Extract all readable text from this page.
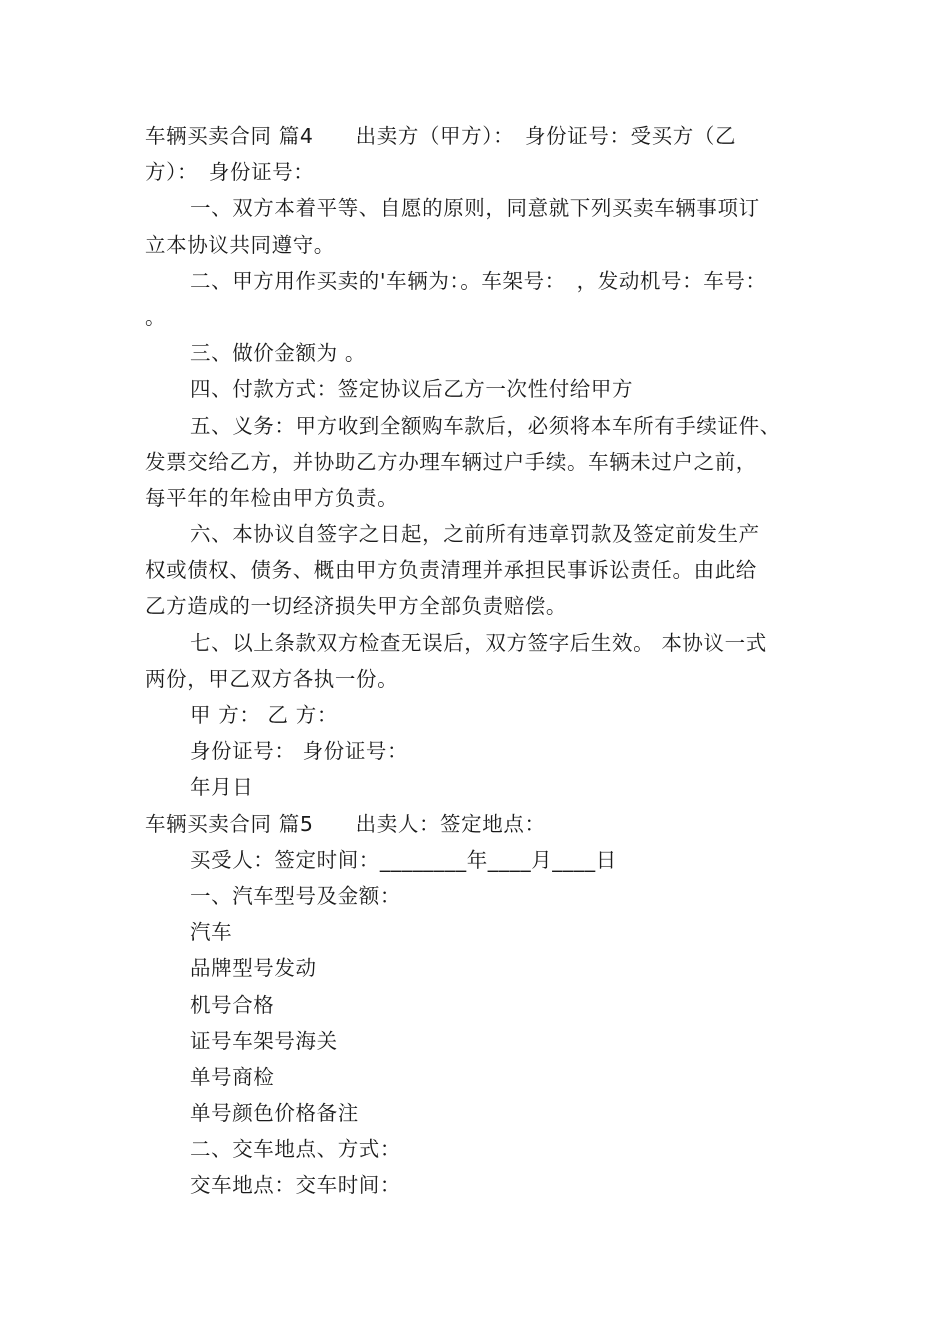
车辆买卖合同 篇4　　出卖方（甲方）：　身份证号：受买方（乙

方）：　身份证号：

一、双方本着平等、自愿的原则，同意就下列买卖车辆事项订

立本协议共同遵守。

二、甲方用作买卖的'车辆为：。车架号：　，发动机号：车号：

。

三、做价金额为 。

四、付款方式：签定协议后乙方一次性付给甲方

五、义务：甲方收到全额购车款后，必须将本车所有手续证件、

发票交给乙方，并协助乙方办理车辆过户手续。车辆未过户之前，

每平年的年检由甲方负责。

六、本协议自签字之日起，之前所有违章罚款及签定前发生产

权或债权、债务、概由甲方负责清理并承担民事诉讼责任。由此给

乙方造成的一切经济损失甲方全部负责赔偿。

七、以上条款双方检查无误后，双方签字后生效。 本协议一式

两份，甲乙双方各执一份。

甲 方： 乙 方：

身份证号： 身份证号：

年月日

车辆买卖合同 篇5　　出卖人：签定地点：

买受人：签定时间：________年____月____日

一、汽车型号及金额：

汽车

品牌型号发动

机号合格

证号车架号海关

单号商检

单号颜色价格备注

二、交车地点、方式：

交车地点：交车时间：
